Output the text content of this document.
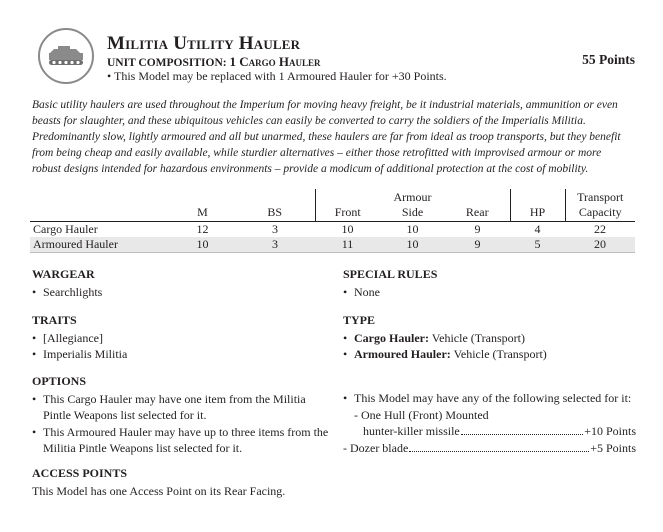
Militia Utility Hauler
UNIT COMPOSITION: 1 Cargo Hauler
• This Model may be replaced with 1 Armoured Hauler for +30 Points.
55 Points
Basic utility haulers are used throughout the Imperium for moving heavy freight, be it industrial materials, ammunition or even beasts for slaughter, and these ubiquitous vehicles can easily be converted to carry the soldiers of the Imperialis Militia. Predominantly slow, lightly armoured and all but unarmed, these haulers are far from ideal as troop transports, but they benefit from being cheap and easily available, while sturdier alternatives – either those retrofitted with improvised armour or more robust designs intended for hazardous environments – provide a modicum of additional protection at the cost of mobility.
				Armour			Transport
	M	BS	Front	Side	Rear	HP	Capacity
Cargo Hauler	12	3	10	10	9	4	22
Armoured Hauler	10	3	11	10	9	5	20
WARGEAR
• Searchlights
SPECIAL RULES
• None
TRAITS
• [Allegiance]
• Imperialis Militia
TYPE
• Cargo Hauler: Vehicle (Transport)
• Armoured Hauler: Vehicle (Transport)
OPTIONS
• This Cargo Hauler may have one item from the Militia Pintle Weapons list selected for it.
• This Armoured Hauler may have up to three items from the Militia Pintle Weapons list selected for it.
• This Model may have any of the following selected for it:
- One Hull (Front) Mounted
hunter-killer missile	+10 Points
- Dozer blade	+5 Points
ACCESS POINTS
This Model has one Access Point on its Rear Facing.
